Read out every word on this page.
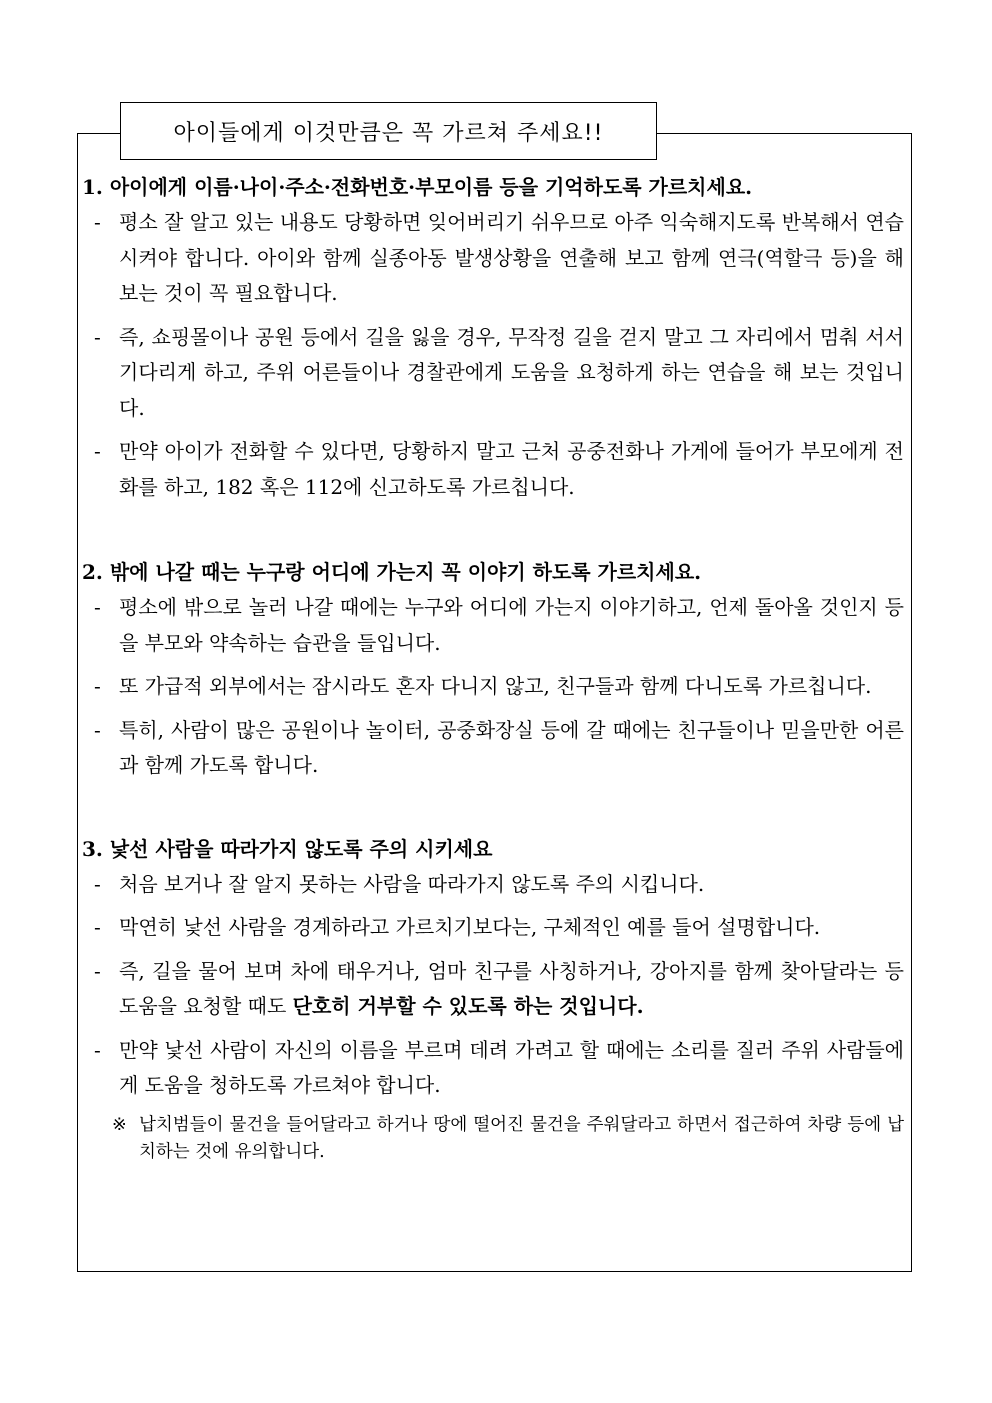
아이들에게 이것만큼은 꼭 가르쳐 주세요!!

1. 아이에게 이름·나이·주소·전화번호·부모이름 등을 기억하도록 가르치세요.

- 평소 잘 알고 있는 내용도 당황하면 잊어버리기 쉬우므로 아주 익숙해지도록 반복해서 연습시켜야 합니다. 아이와 함께 실종아동 발생상황을 연출해 보고 함께 연극(역할극 등)을 해 보는 것이 꼭 필요합니다.
- 즉, 쇼핑몰이나 공원 등에서 길을 잃을 경우, 무작정 길을 걷지 말고 그 자리에서 멈춰 서서 기다리게 하고, 주위 어른들이나 경찰관에게 도움을 요청하게 하는 연습을 해 보는 것입니다.
- 만약 아이가 전화할 수 있다면, 당황하지 말고 근처 공중전화나 가게에 들어가 부모에게 전화를 하고, 182 혹은 112에 신고하도록 가르칩니다.

2. 밖에 나갈 때는 누구랑 어디에 가는지 꼭 이야기 하도록 가르치세요.

- 평소에 밖으로 놀러 나갈 때에는 누구와 어디에 가는지 이야기하고, 언제 돌아올 것인지 등을 부모와 약속하는 습관을 들입니다.
- 또 가급적 외부에서는 잠시라도 혼자 다니지 않고, 친구들과 함께 다니도록 가르칩니다.
- 특히, 사람이 많은 공원이나 놀이터, 공중화장실 등에 갈 때에는 친구들이나 믿을만한 어른과 함께 가도록 합니다.

3. 낯선 사람을 따라가지 않도록 주의 시키세요

- 처음 보거나 잘 알지 못하는 사람을 따라가지 않도록 주의 시킵니다.
- 막연히 낯선 사람을 경계하라고 가르치기보다는, 구체적인 예를 들어 설명합니다.
- 즉, 길을 물어 보며 차에 태우거나, 엄마 친구를 사칭하거나, 강아지를 함께 찾아달라는 등 도움을 요청할 때도 단호히 거부할 수 있도록 하는 것입니다.
- 만약 낯선 사람이 자신의 이름을 부르며 데려 가려고 할 때에는 소리를 질러 주위 사람들에게 도움을 청하도록 가르쳐야 합니다.
※ 납치범들이 물건을 들어달라고 하거나 땅에 떨어진 물건을 주워달라고 하면서 접근하여 차량 등에 납치하는 것에 유의합니다.
